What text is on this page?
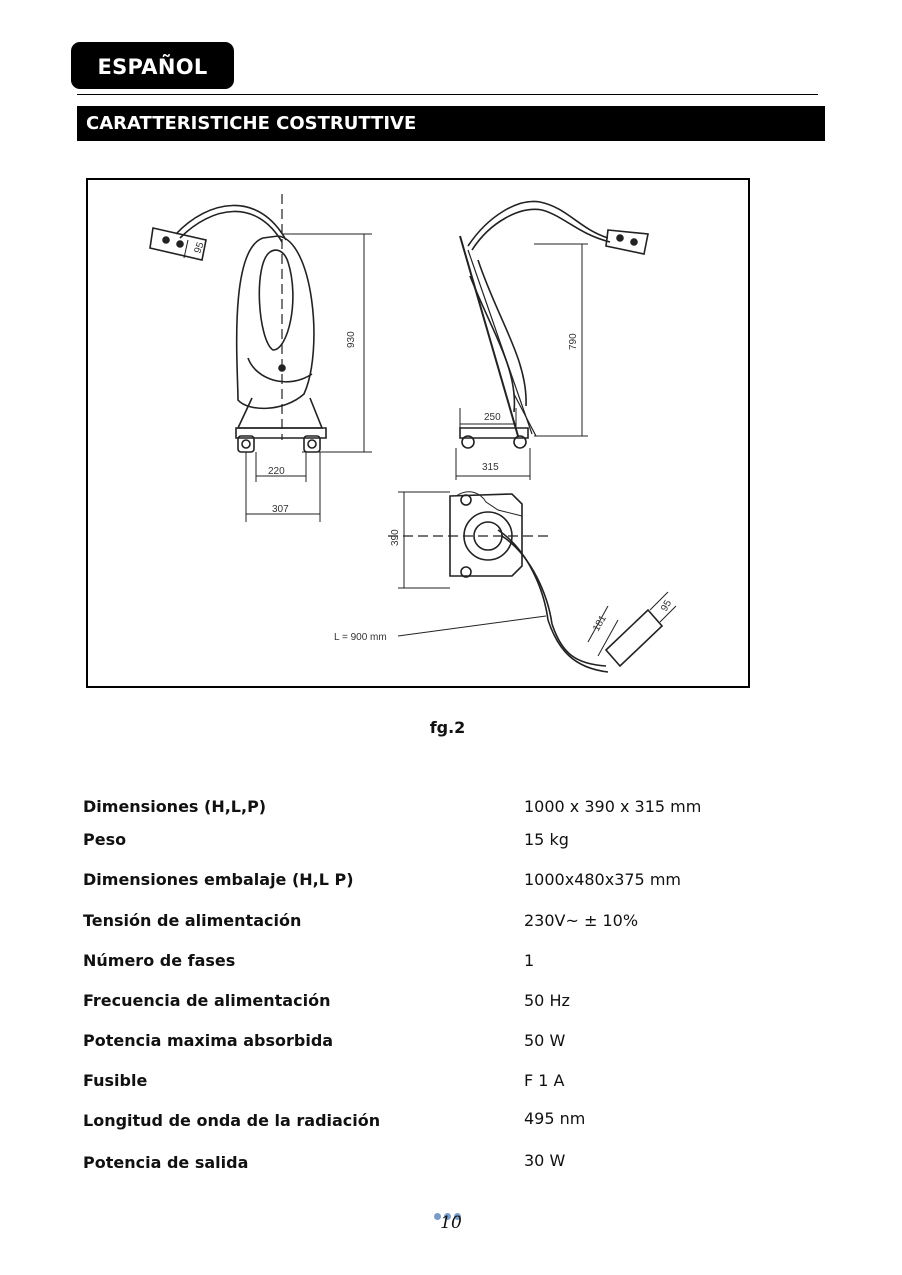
ESPAÑOL
CARATTERISTICHE COSTRUTTIVE
930
220
307
790
250
315
390
L = 900 mm
181
95
95
fg.2
Dimensiones (H,L,P)	1000 x 390 x 315 mm
Peso	15 kg
Dimensiones embalaje (H,L P)	1000x480x375 mm
Tensión de alimentación	230V~ ± 10%
Número de fases	1
Frecuencia de alimentación	50 Hz
Potencia maxima absorbida	50 W
Fusible	F 1 A
Longitud de onda de la radiación	495 nm
Potencia de salida	30 W
10
